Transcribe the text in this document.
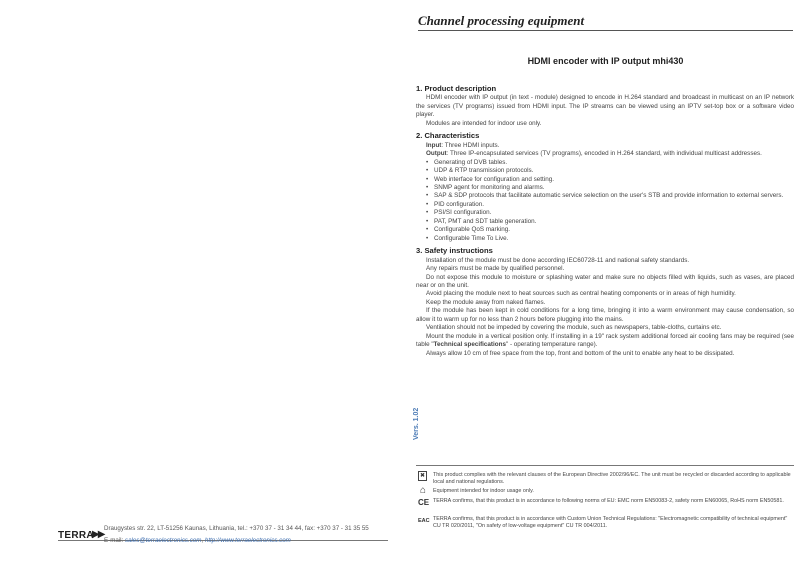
Channel processing equipment
HDMI encoder with IP output mhi430
1. Product description

HDMI encoder with IP output (in text - module) designed to encode in H.264 standard and broadcast in multicast on an IP network the services (TV programs) issued from HDMI input. The IP streams can be viewed using an IPTV set-top box or a software video player.

Modules are intended for indoor use only.

2. Characteristics

Input: Three HDMI inputs.

Output: Three IP-encapsulated services (TV programs), encoded in H.264 standard, with individual multicast addresses.

• Generating of DVB tables.
• UDP & RTP transmission protocols.
• Web interface for configuration and setting.
• SNMP agent for monitoring and alarms.
• SAP & SDP protocols that facilitate automatic service selection on the user's STB and provide information to external servers.
• PID configuration.
• PSI/SI configuration.
• PAT, PMT and SDT table generation.
• Configurable QoS marking.
• Configurable Time To Live.
3. Safety instructions

Installation of the module must be done according IEC60728-11 and national safety standards.

Any repairs must be made by qualified personnel.

Do not expose this module to moisture or splashing water and make sure no objects filled with liquids, such as vases, are placed near or on the unit.

Avoid placing the module next to heat sources such as central heating components or in areas of high humidity.

Keep the module away from naked flames.

If the module has been kept in cold conditions for a long time, bringing it into a warm environment may cause condensation, so allow it to warm up for no less than 2 hours before plugging into the mains.

Ventilation should not be impeded by covering the module, such as newspapers, table-cloths, curtains etc.

Mount the module in a vertical position only. If installing in a 19" rack system additional forced air cooling fans may be required (see table "Technical specifications" - operating temperature range).

Always allow 10 cm of free space from the top, front and bottom of the unit to enable any heat to be dissipated.

Vers. 1.02
✖	This product complies with the relevant clauses of the European Directive 2002/96/EC. The unit must be recycled or discarded according to applicable local and national regulations.
⌂	Equipment intended for indoor usage only.
CE TERRA confirms, that this product is in accordance to following norms of EU: EMC norm EN50083-2, safety norm EN60065, RoHS norm EN50581.
EAC TERRA confirms, that this product is in accordance with Custom Union Technical Regulations: "Electromagnetic compatibility of technical equipment" CU TR 020/2011, "On safety of low-voltage equipment" CU TR 004/2011.
TERRA
▶▶
Draugystes str. 22, LT-51256 Kaunas, Lithuania, tel.: +370 37 - 31 34 44, fax: +370 37 - 31 35 55
E-mail: sales@terraelectronics.com, http://www.terraelectronics.com
